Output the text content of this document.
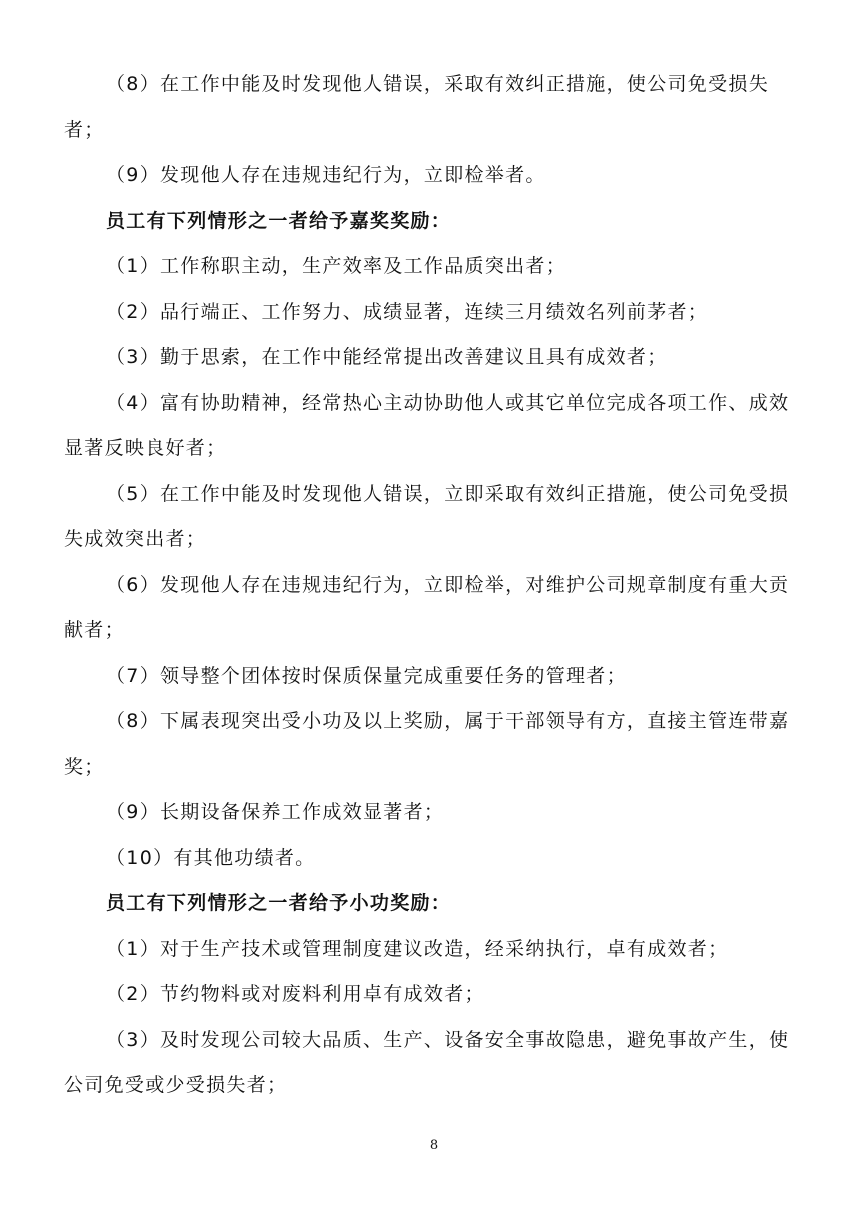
（8）在工作中能及时发现他人错误，采取有效纠正措施，使公司免受损失者；

（9）发现他人存在违规违纪行为，立即检举者。

员工有下列情形之一者给予嘉奖奖励：

（1）工作称职主动，生产效率及工作品质突出者；

（2）品行端正、工作努力、成绩显著，连续三月绩效名列前茅者；

（3）勤于思索，在工作中能经常提出改善建议且具有成效者；

（4）富有协助精神，经常热心主动协助他人或其它单位完成各项工作、成效显著反映良好者；

（5）在工作中能及时发现他人错误，立即采取有效纠正措施，使公司免受损失成效突出者；

（6）发现他人存在违规违纪行为，立即检举，对维护公司规章制度有重大贡献者；

（7）领导整个团体按时保质保量完成重要任务的管理者；

（8）下属表现突出受小功及以上奖励，属于干部领导有方，直接主管连带嘉奖；

（9）长期设备保养工作成效显著者；

（10）有其他功绩者。

员工有下列情形之一者给予小功奖励：

（1）对于生产技术或管理制度建议改造，经采纳执行，卓有成效者；

（2）节约物料或对废料利用卓有成效者；

（3）及时发现公司较大品质、生产、设备安全事故隐患，避免事故产生，使公司免受或少受损失者；

8
